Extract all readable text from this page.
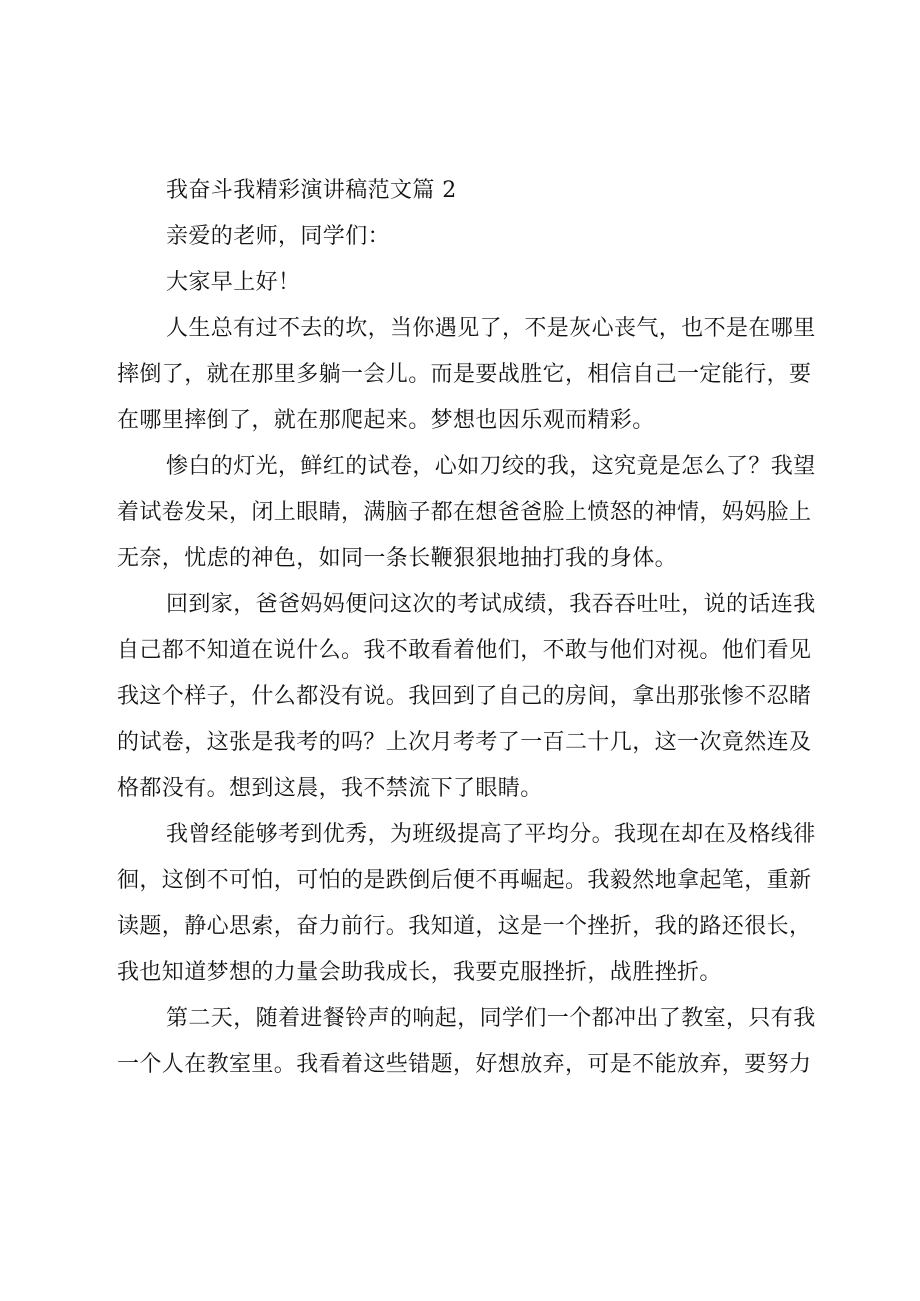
我奋斗我精彩演讲稿范文篇 2
亲爱的老师，同学们：
大家早上好！
人生总有过不去的坎，当你遇见了，不是灰心丧气，也不是在哪里
摔倒了，就在那里多躺一会儿。而是要战胜它，相信自己一定能行，要
在哪里摔倒了，就在那爬起来。梦想也因乐观而精彩。
惨白的灯光，鲜红的试卷，心如刀绞的我，这究竟是怎么了？我望
着试卷发呆，闭上眼睛，满脑子都在想爸爸脸上愤怒的神情，妈妈脸上
无奈，忧虑的神色，如同一条长鞭狠狠地抽打我的身体。
回到家，爸爸妈妈便问这次的考试成绩，我吞吞吐吐，说的话连我
自己都不知道在说什么。我不敢看着他们，不敢与他们对视。他们看见
我这个样子，什么都没有说。我回到了自己的房间，拿出那张惨不忍睹
的试卷，这张是我考的吗？上次月考考了一百二十几，这一次竟然连及
格都没有。想到这晨，我不禁流下了眼睛。
我曾经能够考到优秀，为班级提高了平均分。我现在却在及格线徘
徊，这倒不可怕，可怕的是跌倒后便不再崛起。我毅然地拿起笔，重新
读题，静心思索，奋力前行。我知道，这是一个挫折，我的路还很长，
我也知道梦想的力量会助我成长，我要克服挫折，战胜挫折。
第二天，随着进餐铃声的响起，同学们一个都冲出了教室，只有我
一个人在教室里。我看着这些错题，好想放弃，可是不能放弃，要努力
